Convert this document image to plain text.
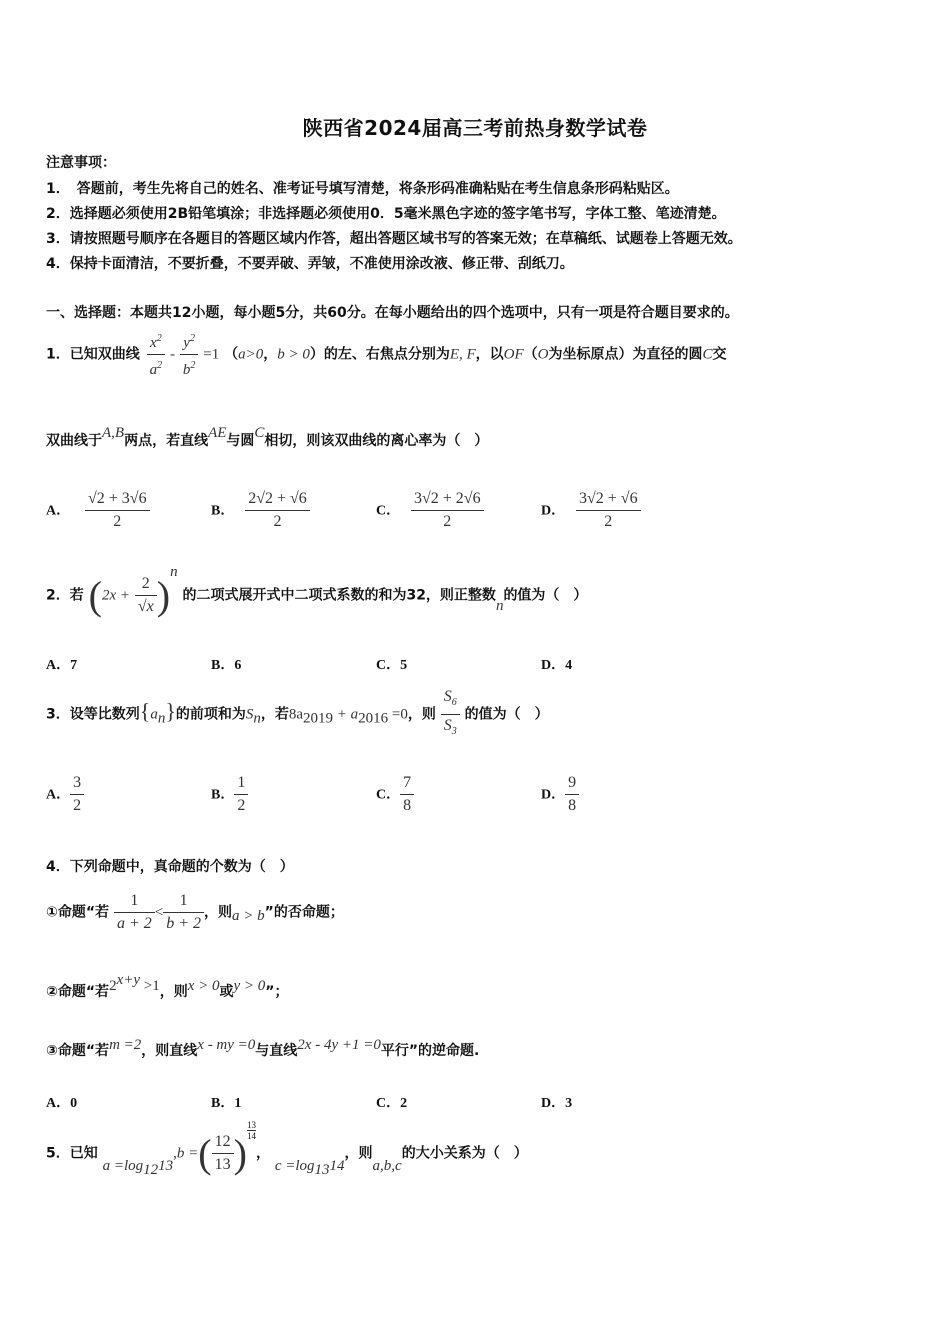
陕西省2024届高三考前热身数学试卷
注意事项：
1．　答题前，考生先将自己的姓名、准考证号填写清楚，将条形码准确粘贴在考生信息条形码粘贴区。
2．选择题必须使用2B铅笔填涂；非选择题必须使用0．5毫米黑色字迹的签字笔书写，字体工整、笔迹清楚。
3．请按照题号顺序在各题目的答题区域内作答，超出答题区域书写的答案无效；在草稿纸、试题卷上答题无效。
4．保持卡面清洁，不要折叠，不要弄破、弄皱，不准使用涂改液、修正带、刮纸刀。
一、选择题：本题共12小题，每小题5分，共60分。在每小题给出的四个选项中，只有一项是符合题目要求的。
1．已知双曲线 $\frac{x^2}{a^2} - \frac{y^2}{b^2} =1$ （a>0，b > 0）的左、右焦点分别为E, F，以OF（O为坐标原点）为直径的圆C交
双曲线于A,B两点，若直线AE与圆C相切，则该双曲线的离心率为（　）
A． $\frac{√2 + 3√6}{2}$	B． $\frac{2√2 + √6}{2}$	C． $\frac{3√2 + 2√6}{2}$	D． $\frac{3√2 + √6}{2}$
2．若 $(2x + \frac{2}{√x} )^n$ 的二项式展开式中二项式系数的和为32，则正整数n的值为（　）
A．7	B．6	C．5	D．4
3．设等比数列$\{a_n\}$的前项和为$S_n$，若$8a_{2019} + a_{2016} =0$，则 $\frac{S_6}{S_3}$ 的值为（　）
A． $\frac{3}{2}$	B． $\frac{1}{2}$	C． $\frac{7}{8}$	D． $\frac{9}{8}$
4．下列命题中，真命题的个数为（　）
①命题“若 $\frac{1}{a + 2} < \frac{1}{b + 2}$ ，则a > b”的否命题；
②命题“若$2^{x+y} >1$，则x > 0或y > 0”；
③命题“若m =2，则直线x - my =0与直线2x - 4y +1 =0平行”的逆命题.
A．0	B．1	C．2	D．3
5．已知 $a =\log_{12}13,b$ =( $\frac{12}{13}$ )
$\frac{13}{14}$
， $c =\log_{13}14$，则a,b,c的大小关系为（　）
